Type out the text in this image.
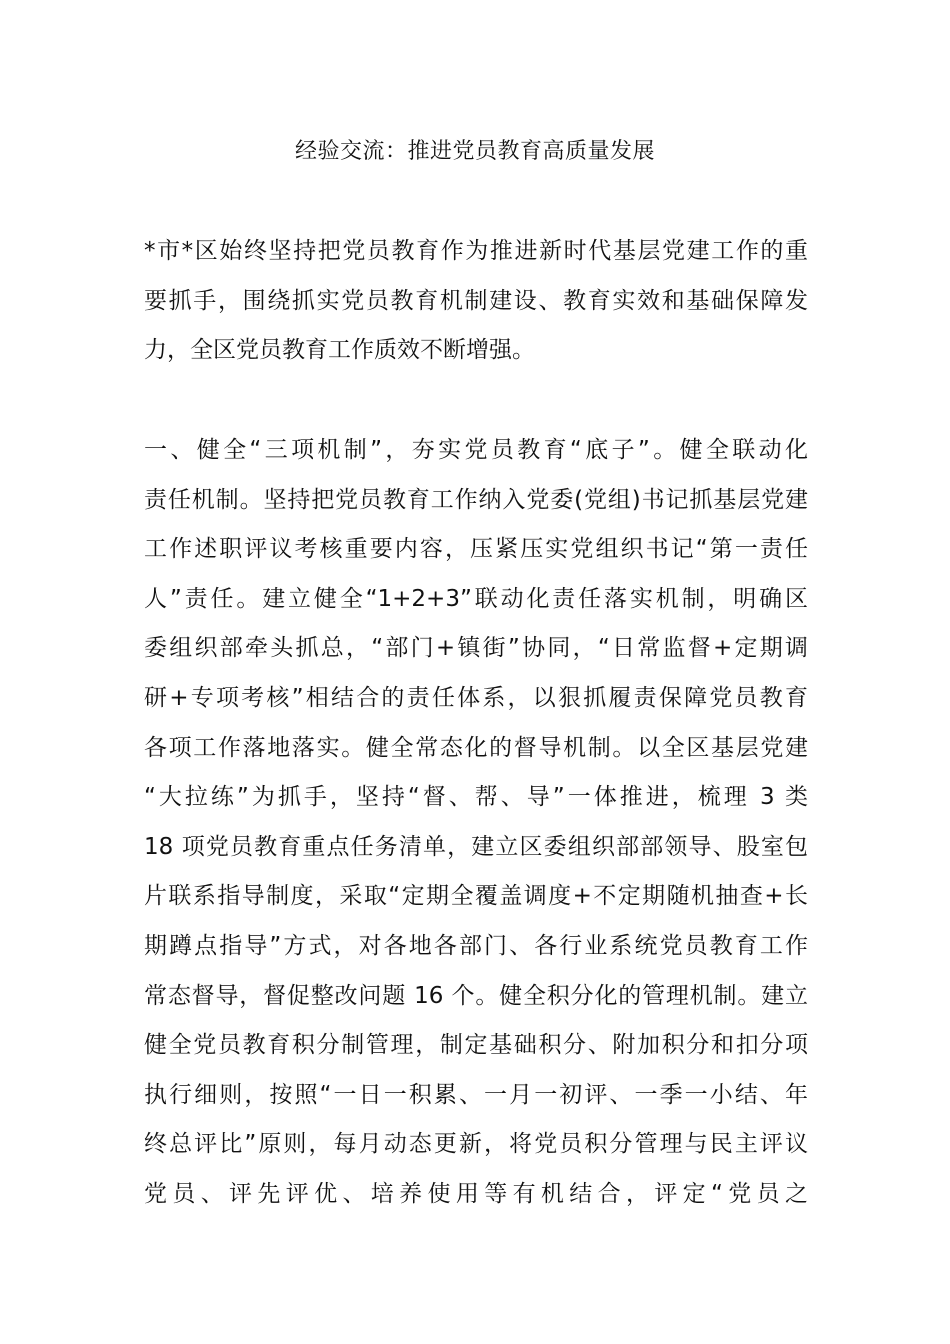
经验交流：推进党员教育高质量发展
*市*区始终坚持把党员教育作为推进新时代基层党建工作的重
要抓手，围绕抓实党员教育机制建设、教育实效和基础保障发
力，全区党员教育工作质效不断增强。
一、健全“三项机制”，夯实党员教育“底子”。健全联动化
责任机制。坚持把党员教育工作纳入党委(党组)书记抓基层党建
工作述职评议考核重要内容，压紧压实党组织书记“第一责任
人”责任。建立健全“1+2+3”联动化责任落实机制，明确区
委组织部牵头抓总，“部门+镇街”协同，“日常监督+定期调
研+专项考核”相结合的责任体系，以狠抓履责保障党员教育
各项工作落地落实。健全常态化的督导机制。以全区基层党建
“大拉练”为抓手，坚持“督、帮、导”一体推进，梳理 3 类
18 项党员教育重点任务清单，建立区委组织部部领导、股室包
片联系指导制度，采取“定期全覆盖调度+不定期随机抽查+长
期蹲点指导”方式，对各地各部门、各行业系统党员教育工作
常态督导，督促整改问题 16 个。健全积分化的管理机制。建立
健全党员教育积分制管理，制定基础积分、附加积分和扣分项
执行细则，按照“一日一积累、一月一初评、一季一小结、年
终总评比”原则，每月动态更新，将党员积分管理与民主评议
党员、评先评优、培养使用等有机结合，评定“党员之
